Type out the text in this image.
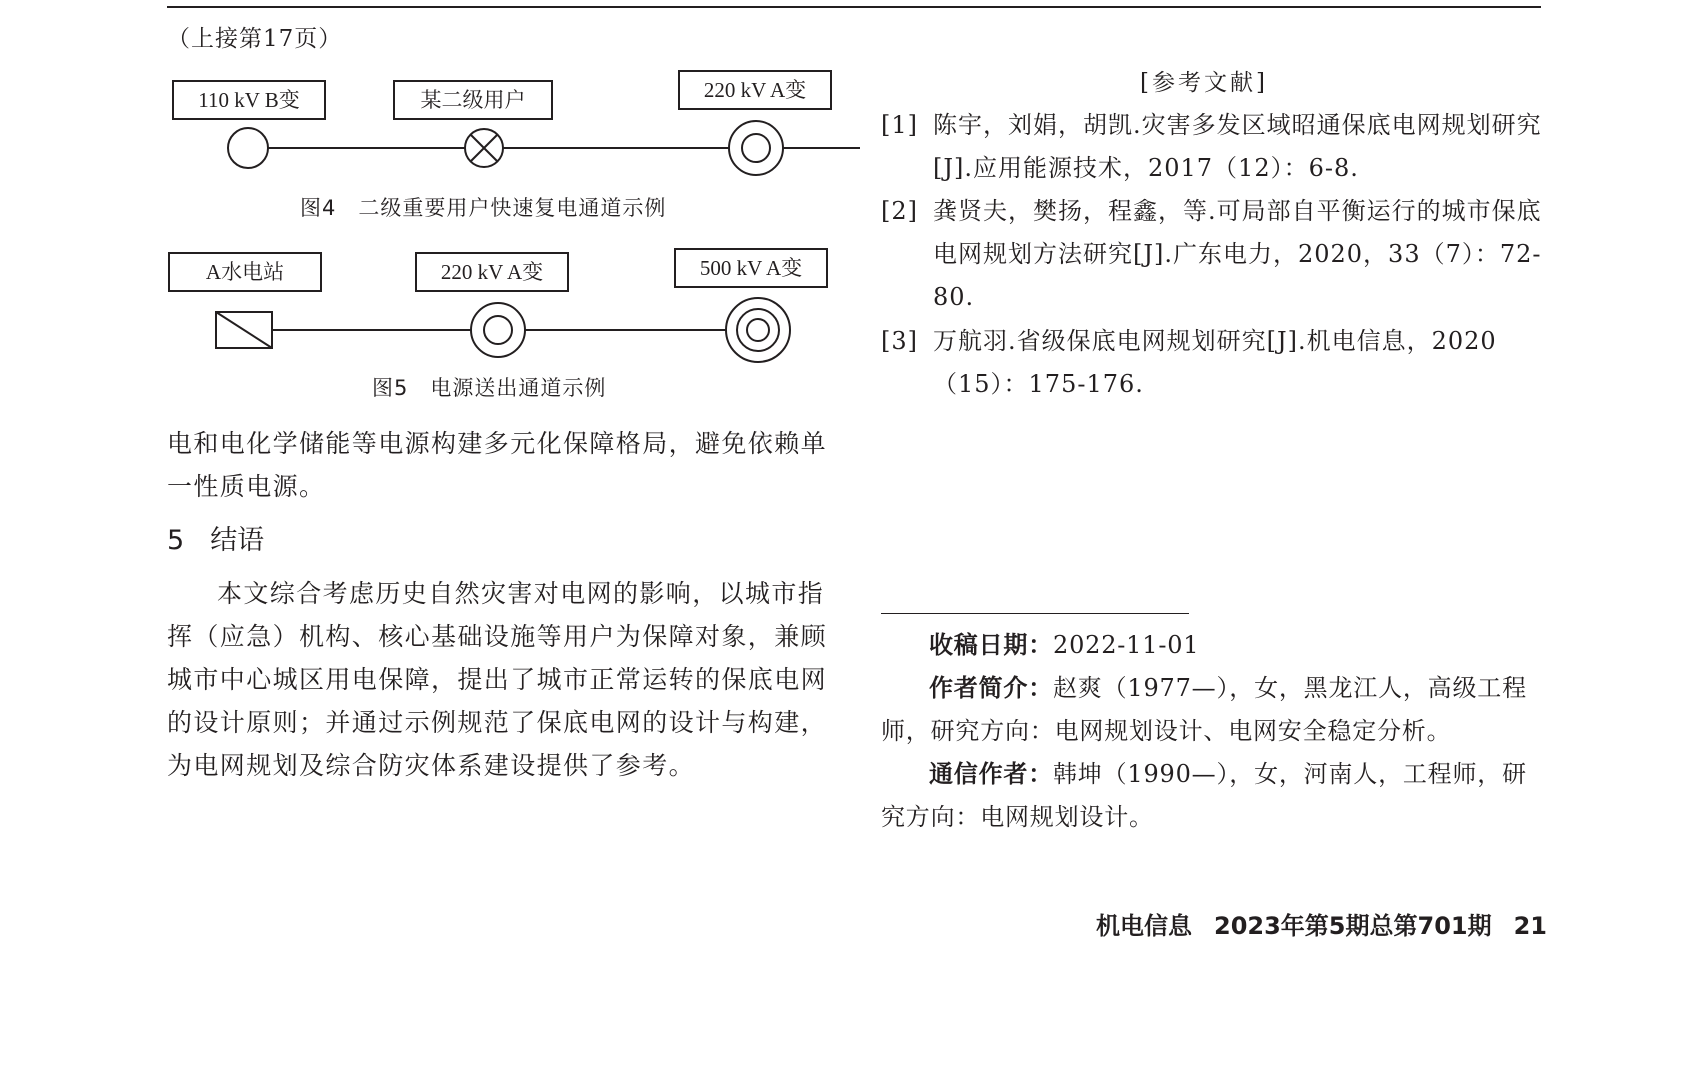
（上接第17页）
110 kV B变	某二级用户	220 kV A变
图4　二级重要用户快速复电通道示例
A水电站	220 kV A变	500 kV A变
图5　电源送出通道示例

电和电化学储能等电源构建多元化保障格局，避免依赖单一性质电源。

5 结语

本文综合考虑历史自然灾害对电网的影响，以城市指挥（应急）机构、核心基础设施等用户为保障对象，兼顾城市中心城区用电保障，提出了城市正常运转的保底电网的设计原则；并通过示例规范了保底电网的设计与构建，为电网规划及综合防灾体系建设提供了参考。

[参考文献]
[1] 陈宇，刘娟，胡凯.灾害多发区域昭通保底电网规划研究[J].应用能源技术，2017（12）：6-8.
[2] 龚贤夫，樊扬，程鑫，等.可局部自平衡运行的城市保底电网规划方法研究[J].广东电力，2020，33（7）：72-80.
[3] 万航羽.省级保底电网规划研究[J].机电信息，2020（15）：175-176.
收稿日期：2022-11-01
作者简介：赵爽（1977—），女，黑龙江人，高级工程师，研究方向：电网规划设计、电网安全稳定分析。
通信作者：韩坤（1990—），女，河南人，工程师，研究方向：电网规划设计。
机电信息 2023年第5期总第701期 21
